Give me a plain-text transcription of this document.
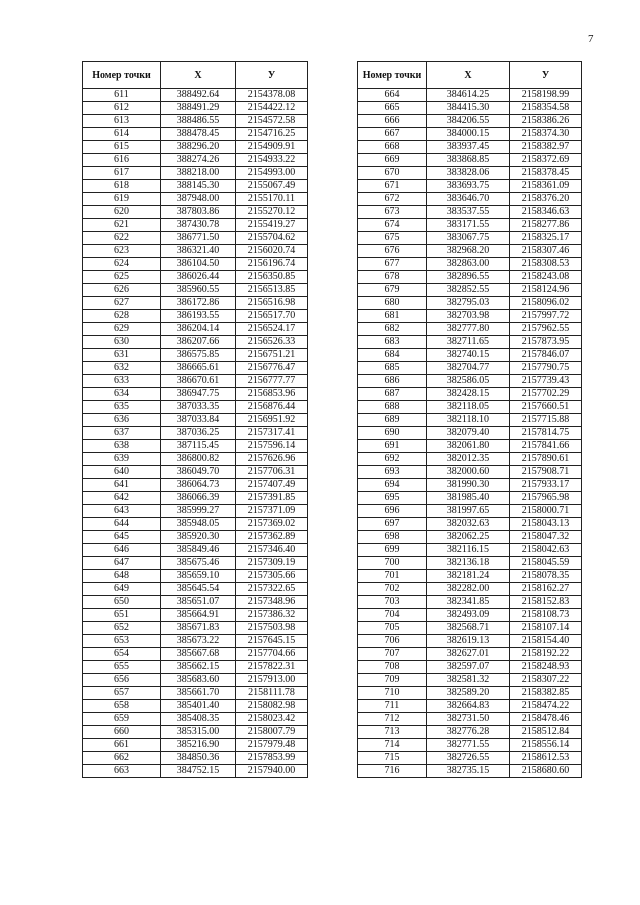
7
Номер точки	Х	У
611	388492.64	2154378.08
612	388491.29	2154422.12
613	388486.55	2154572.58
614	388478.45	2154716.25
615	388296.20	2154909.91
616	388274.26	2154933.22
617	388218.00	2154993.00
618	388145.30	2155067.49
619	387948.00	2155170.11
620	387803.86	2155270.12
621	387430.78	2155419.27
622	386771.50	2155704.62
623	386321.40	2156020.74
624	386104.50	2156196.74
625	386026.44	2156350.85
626	385960.55	2156513.85
627	386172.86	2156516.98
628	386193.55	2156517.70
629	386204.14	2156524.17
630	386207.66	2156526.33
631	386575.85	2156751.21
632	386665.61	2156776.47
633	386670.61	2156777.77
634	386947.75	2156853.96
635	387033.35	2156876.44
636	387033.84	2156951.92
637	387036.25	2157317.41
638	387115.45	2157596.14
639	386800.82	2157626.96
640	386049.70	2157706.31
641	386064.73	2157407.49
642	386066.39	2157391.85
643	385999.27	2157371.09
644	385948.05	2157369.02
645	385920.30	2157362.89
646	385849.46	2157346.40
647	385675.46	2157309.19
648	385659.10	2157305.66
649	385645.54	2157322.65
650	385651.07	2157348.96
651	385664.91	2157386.32
652	385671.83	2157503.98
653	385673.22	2157645.15
654	385667.68	2157704.66
655	385662.15	2157822.31
656	385683.60	2157913.00
657	385661.70	2158111.78
658	385401.40	2158082.98
659	385408.35	2158023.42
660	385315.00	2158007.79
661	385216.90	2157979.48
662	384850.36	2157853.99
663	384752.15	2157940.00
Номер точки	Х	У
664	384614.25	2158198.99
665	384415.30	2158354.58
666	384206.55	2158386.26
667	384000.15	2158374.30
668	383937.45	2158382.97
669	383868.85	2158372.69
670	383828.06	2158378.45
671	383693.75	2158361.09
672	383646.70	2158376.20
673	383537.55	2158346.63
674	383171.55	2158277.86
675	383067.75	2158325.17
676	382968.20	2158307.46
677	382863.00	2158308.53
678	382896.55	2158243.08
679	382852.55	2158124.96
680	382795.03	2158096.02
681	382703.98	2157997.72
682	382777.80	2157962.55
683	382711.65	2157873.95
684	382740.15	2157846.07
685	382704.77	2157790.75
686	382586.05	2157739.43
687	382428.15	2157702.29
688	382118.05	2157660.51
689	382118.10	2157715.88
690	382079.40	2157814.75
691	382061.80	2157841.66
692	382012.35	2157890.61
693	382000.60	2157908.71
694	381990.30	2157933.17
695	381985.40	2157965.98
696	381997.65	2158000.71
697	382032.63	2158043.13
698	382062.25	2158047.32
699	382116.15	2158042.63
700	382136.18	2158045.59
701	382181.24	2158078.35
702	382282.00	2158162.27
703	382341.85	2158152.83
704	382493.09	2158108.73
705	382568.71	2158107.14
706	382619.13	2158154.40
707	382627.01	2158192.22
708	382597.07	2158248.93
709	382581.32	2158307.22
710	382589.20	2158382.85
711	382664.83	2158474.22
712	382731.50	2158478.46
713	382776.28	2158512.84
714	382771.55	2158556.14
715	382726.55	2158612.53
716	382735.15	2158680.60
